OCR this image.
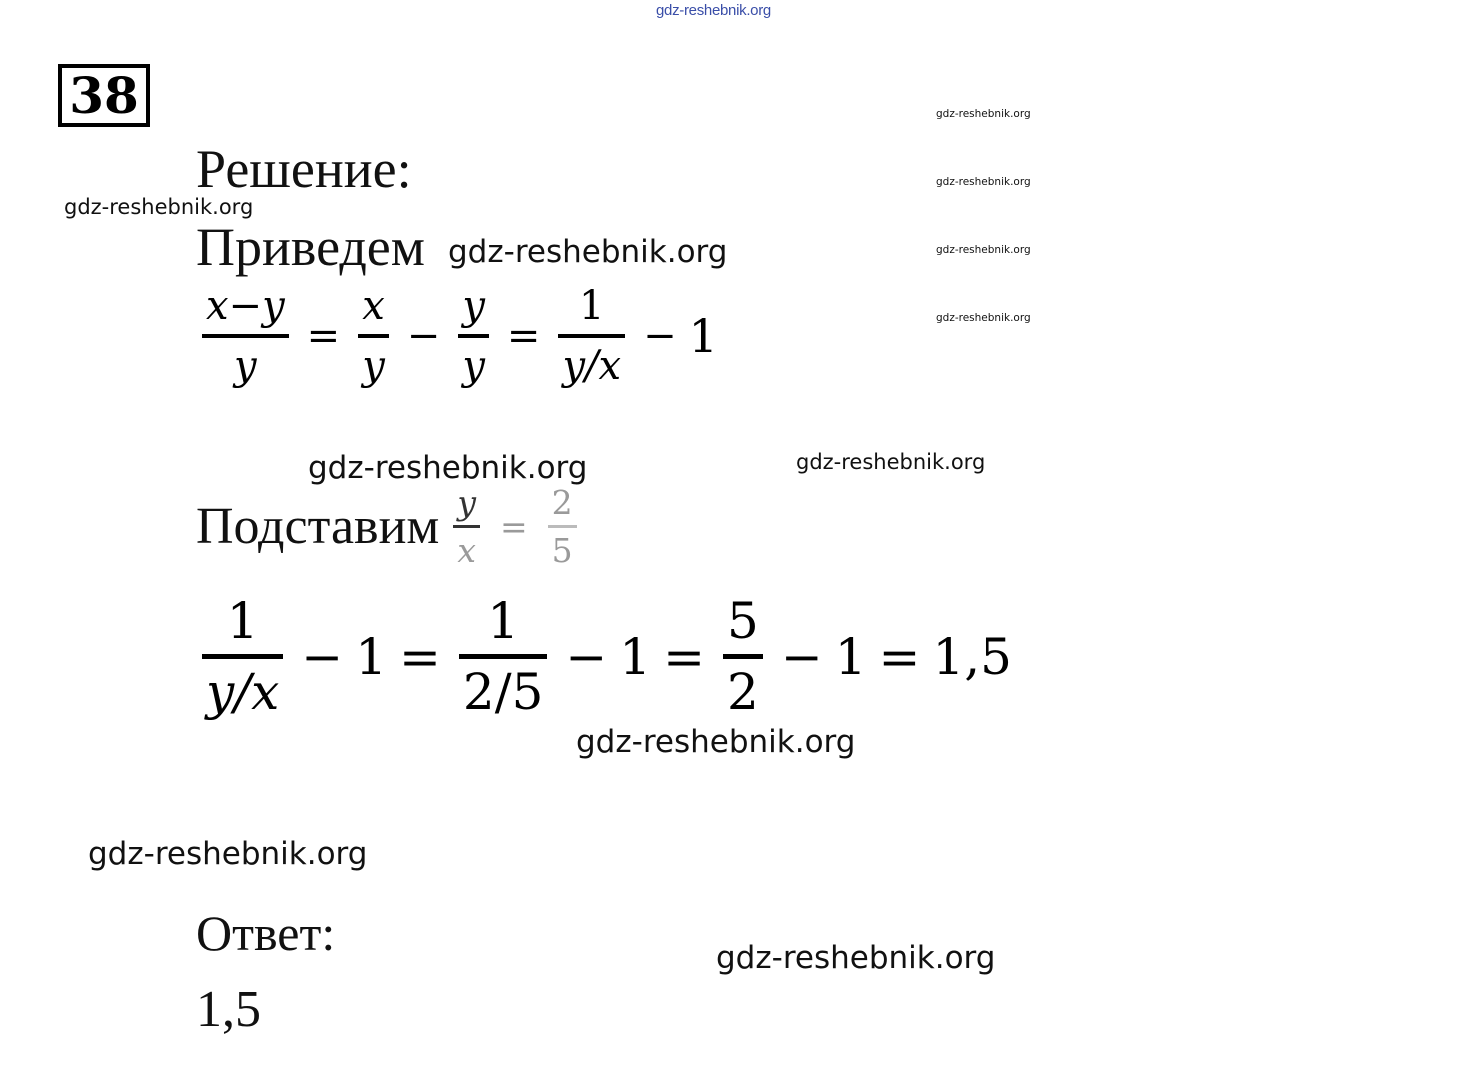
gdz-reshebnik.org
38	gdz-reshebnik.org
gdz-reshebnik.org
gdz-reshebnik.org
gdz-reshebnik.org
Решение:
gdz-reshebnik.org
Приведем gdz-reshebnik.org
$\frac{x-y}{y} = \frac{x}{y} - \frac{y}{y} = \frac{1}{y/x} - 1$
gdz-reshebnik.org	gdz-reshebnik.org
Подставим $\frac{y}{x} = \frac{2}{5}$
1
y/x
− 1 =
1
2/5
− 1 =
5
2
− 1 = 1,5
gdz-reshebnik.org
gdz-reshebnik.org
gdz-reshebnik.org
Ответ:
1,5
